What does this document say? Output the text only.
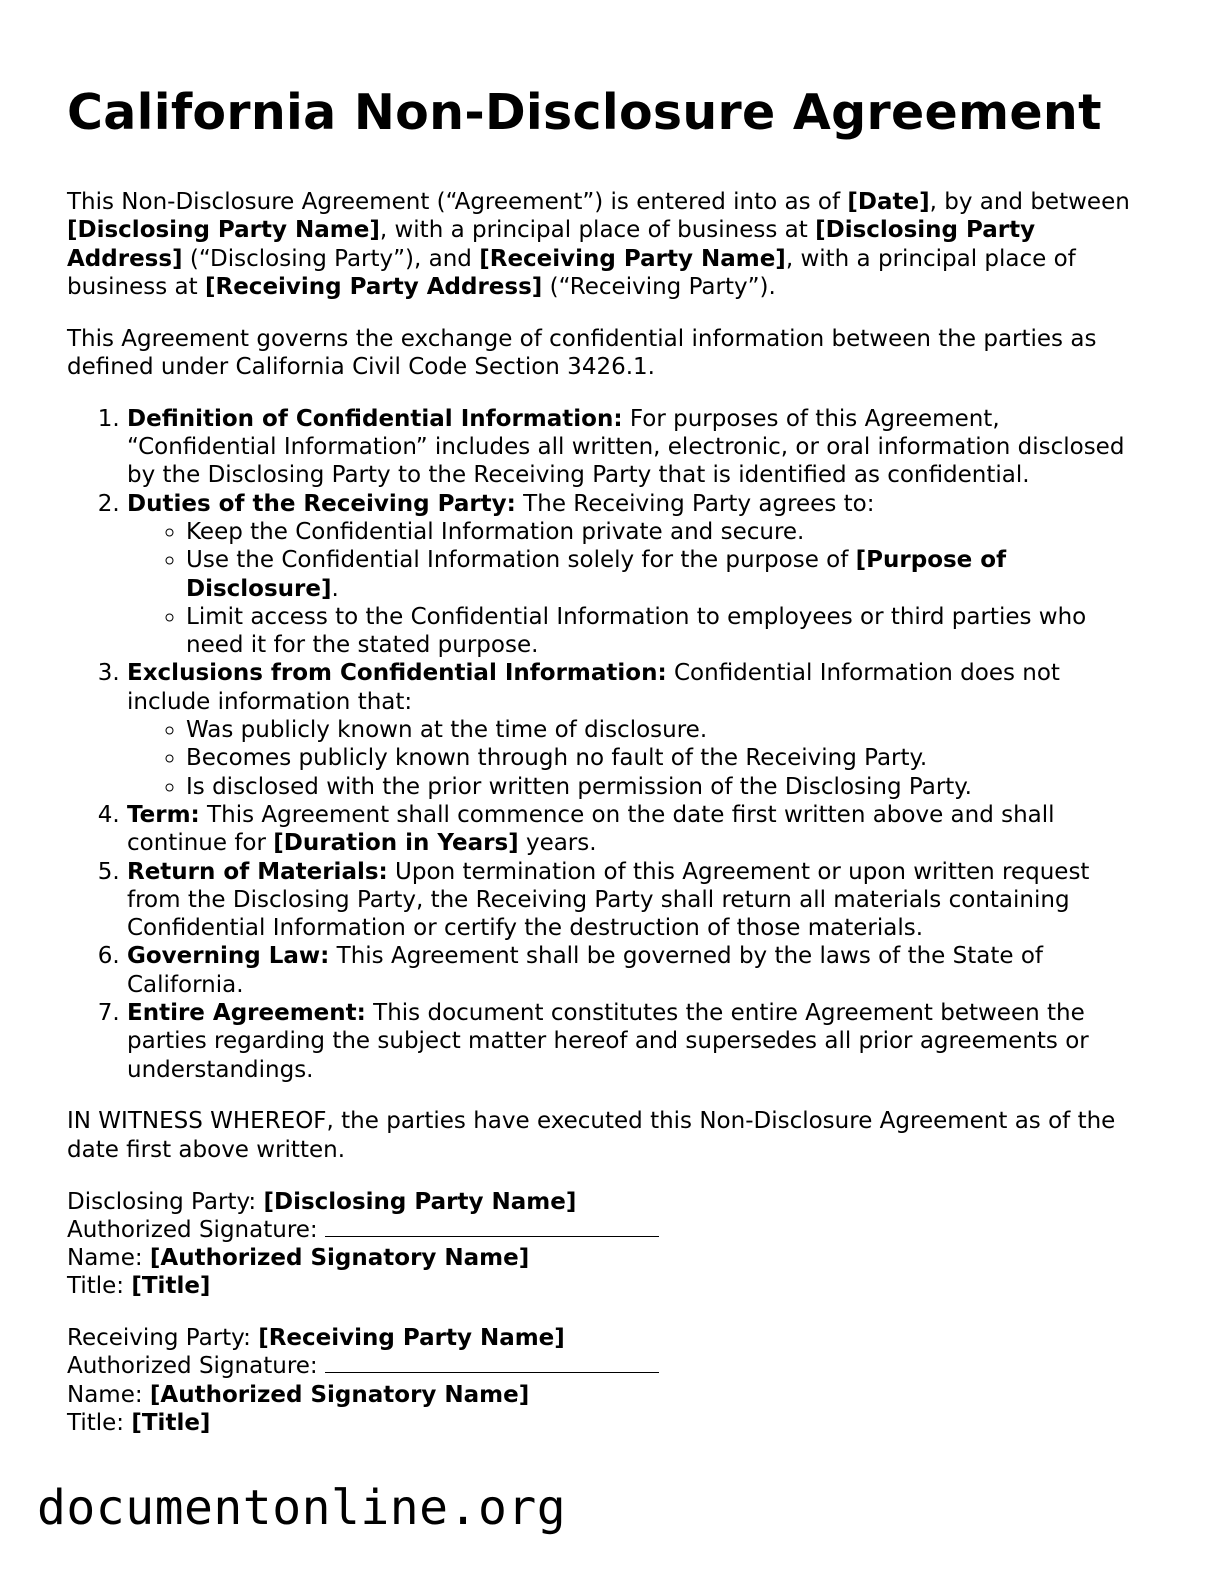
California Non-Disclosure Agreement

This Non-Disclosure Agreement (“Agreement”) is entered into as of [Date], by and between [Disclosing Party Name], with a principal place of business at [Disclosing Party Address] (“Disclosing Party”), and [Receiving Party Name], with a principal place of business at [Receiving Party Address] (“Receiving Party”).

This Agreement governs the exchange of confidential information between the parties as defined under California Civil Code Section 3426.1.

1. Definition of Confidential Information: For purposes of this Agreement, “Confidential Information” includes all written, electronic, or oral information disclosed by the Disclosing Party to the Receiving Party that is identified as confidential.
2. Duties of the Receiving Party: The Receiving Party agrees to:
◦ Keep the Confidential Information private and secure.
◦ Use the Confidential Information solely for the purpose of [Purpose of Disclosure].
◦ Limit access to the Confidential Information to employees or third parties who need it for the stated purpose.
3. Exclusions from Confidential Information: Confidential Information does not include information that:
◦ Was publicly known at the time of disclosure.
◦ Becomes publicly known through no fault of the Receiving Party.
◦ Is disclosed with the prior written permission of the Disclosing Party.
4. Term: This Agreement shall commence on the date first written above and shall continue for [Duration in Years] years.
5. Return of Materials: Upon termination of this Agreement or upon written request from the Disclosing Party, the Receiving Party shall return all materials containing Confidential Information or certify the destruction of those materials.
6. Governing Law: This Agreement shall be governed by the laws of the State of California.
7. Entire Agreement: This document constitutes the entire Agreement between the parties regarding the subject matter hereof and supersedes all prior agreements or understandings.

IN WITNESS WHEREOF, the parties have executed this Non-Disclosure Agreement as of the date first above written.

Disclosing Party: [Disclosing Party Name]
Authorized Signature:
Name: [Authorized Signatory Name]
Title: [Title]
Receiving Party: [Receiving Party Name]
Authorized Signature:
Name: [Authorized Signatory Name]
Title: [Title]
documentonline.org
